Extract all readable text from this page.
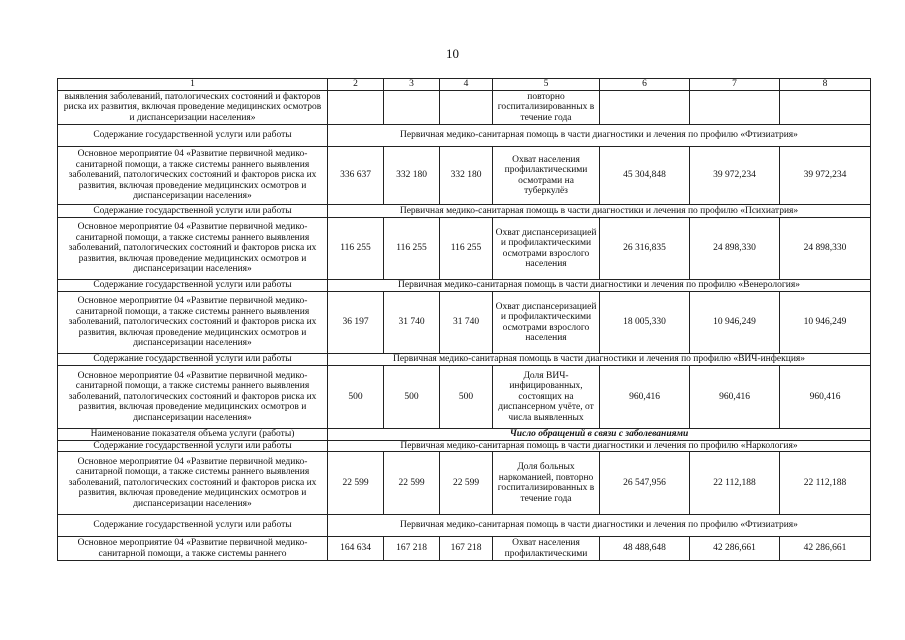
10
1	2	3	4	5	6	7	8
выявления заболеваний, патологических состояний и факторов риска их развития, включая проведение медицинских осмотров и диспансеризации населения»				повторно госпитализированных в течение года			
Содержание государственной услуги или работы	Первичная медико-санитарная помощь в части диагностики и лечения по профилю «Фтизиатрия»						
Основное мероприятие 04 «Развитие первичной медико-санитарной помощи, а также системы раннего выявления заболеваний, патологических состояний и факторов риска их развития, включая проведение медицинских осмотров и диспансеризации населения»	336 637	332 180	332 180	Охват населения профилактическими осмотрами на туберкулёз	45 304,848	39 972,234	39 972,234
Содержание государственной услуги или работы	Первичная медико-санитарная помощь в части диагностики и лечения по профилю «Психиатрия»						
Основное мероприятие 04 «Развитие первичной медико-санитарной помощи, а также системы раннего выявления заболеваний, патологических состояний и факторов риска их развития, включая проведение медицинских осмотров и диспансеризации населения»	116 255	116 255	116 255	Охват диспансеризацией и профилактическими осмотрами взрослого населения	26 316,835	24 898,330	24 898,330
Содержание государственной услуги или работы	Первичная медико-санитарная помощь в части диагностики и лечения по профилю «Венерология»						
Основное мероприятие 04 «Развитие первичной медико-санитарной помощи, а также системы раннего выявления заболеваний, патологических состояний и факторов риска их развития, включая проведение медицинских осмотров и диспансеризации населения»	36 197	31 740	31 740	Охват диспансеризацией и профилактическими осмотрами взрослого населения	18 005,330	10 946,249	10 946,249
Содержание государственной услуги или работы	Первичная медико-санитарная помощь в части диагностики и лечения по профилю «ВИЧ-инфекция»						
Основное мероприятие 04 «Развитие первичной медико-санитарной помощи, а также системы раннего выявления заболеваний, патологических состояний и факторов риска их развития, включая проведение медицинских осмотров и диспансеризации населения»	500	500	500	Доля ВИЧ-инфицированных, состоящих на диспансерном учёте, от числа выявленных	960,416	960,416	960,416
Наименование показателя объема услуги (работы)	Число обращений в связи с заболеваниями						
Содержание государственной услуги или работы	Первичная медико-санитарная помощь в части диагностики и лечения по профилю «Наркология»						
Основное мероприятие 04 «Развитие первичной медико-санитарной помощи, а также системы раннего выявления заболеваний, патологических состояний и факторов риска их развития, включая проведение медицинских осмотров и диспансеризации населения»	22 599	22 599	22 599	Доля больных наркоманией, повторно госпитализированных в течение года	26 547,956	22 112,188	22 112,188
Содержание государственной услуги или работы	Первичная медико-санитарная помощь в части диагностики и лечения по профилю «Фтизиатрия»						
Основное мероприятие 04 «Развитие первичной медико-санитарной помощи, а также системы раннего	164 634	167 218	167 218	Охват населения профилактическими	48 488,648	42 286,661	42 286,661
